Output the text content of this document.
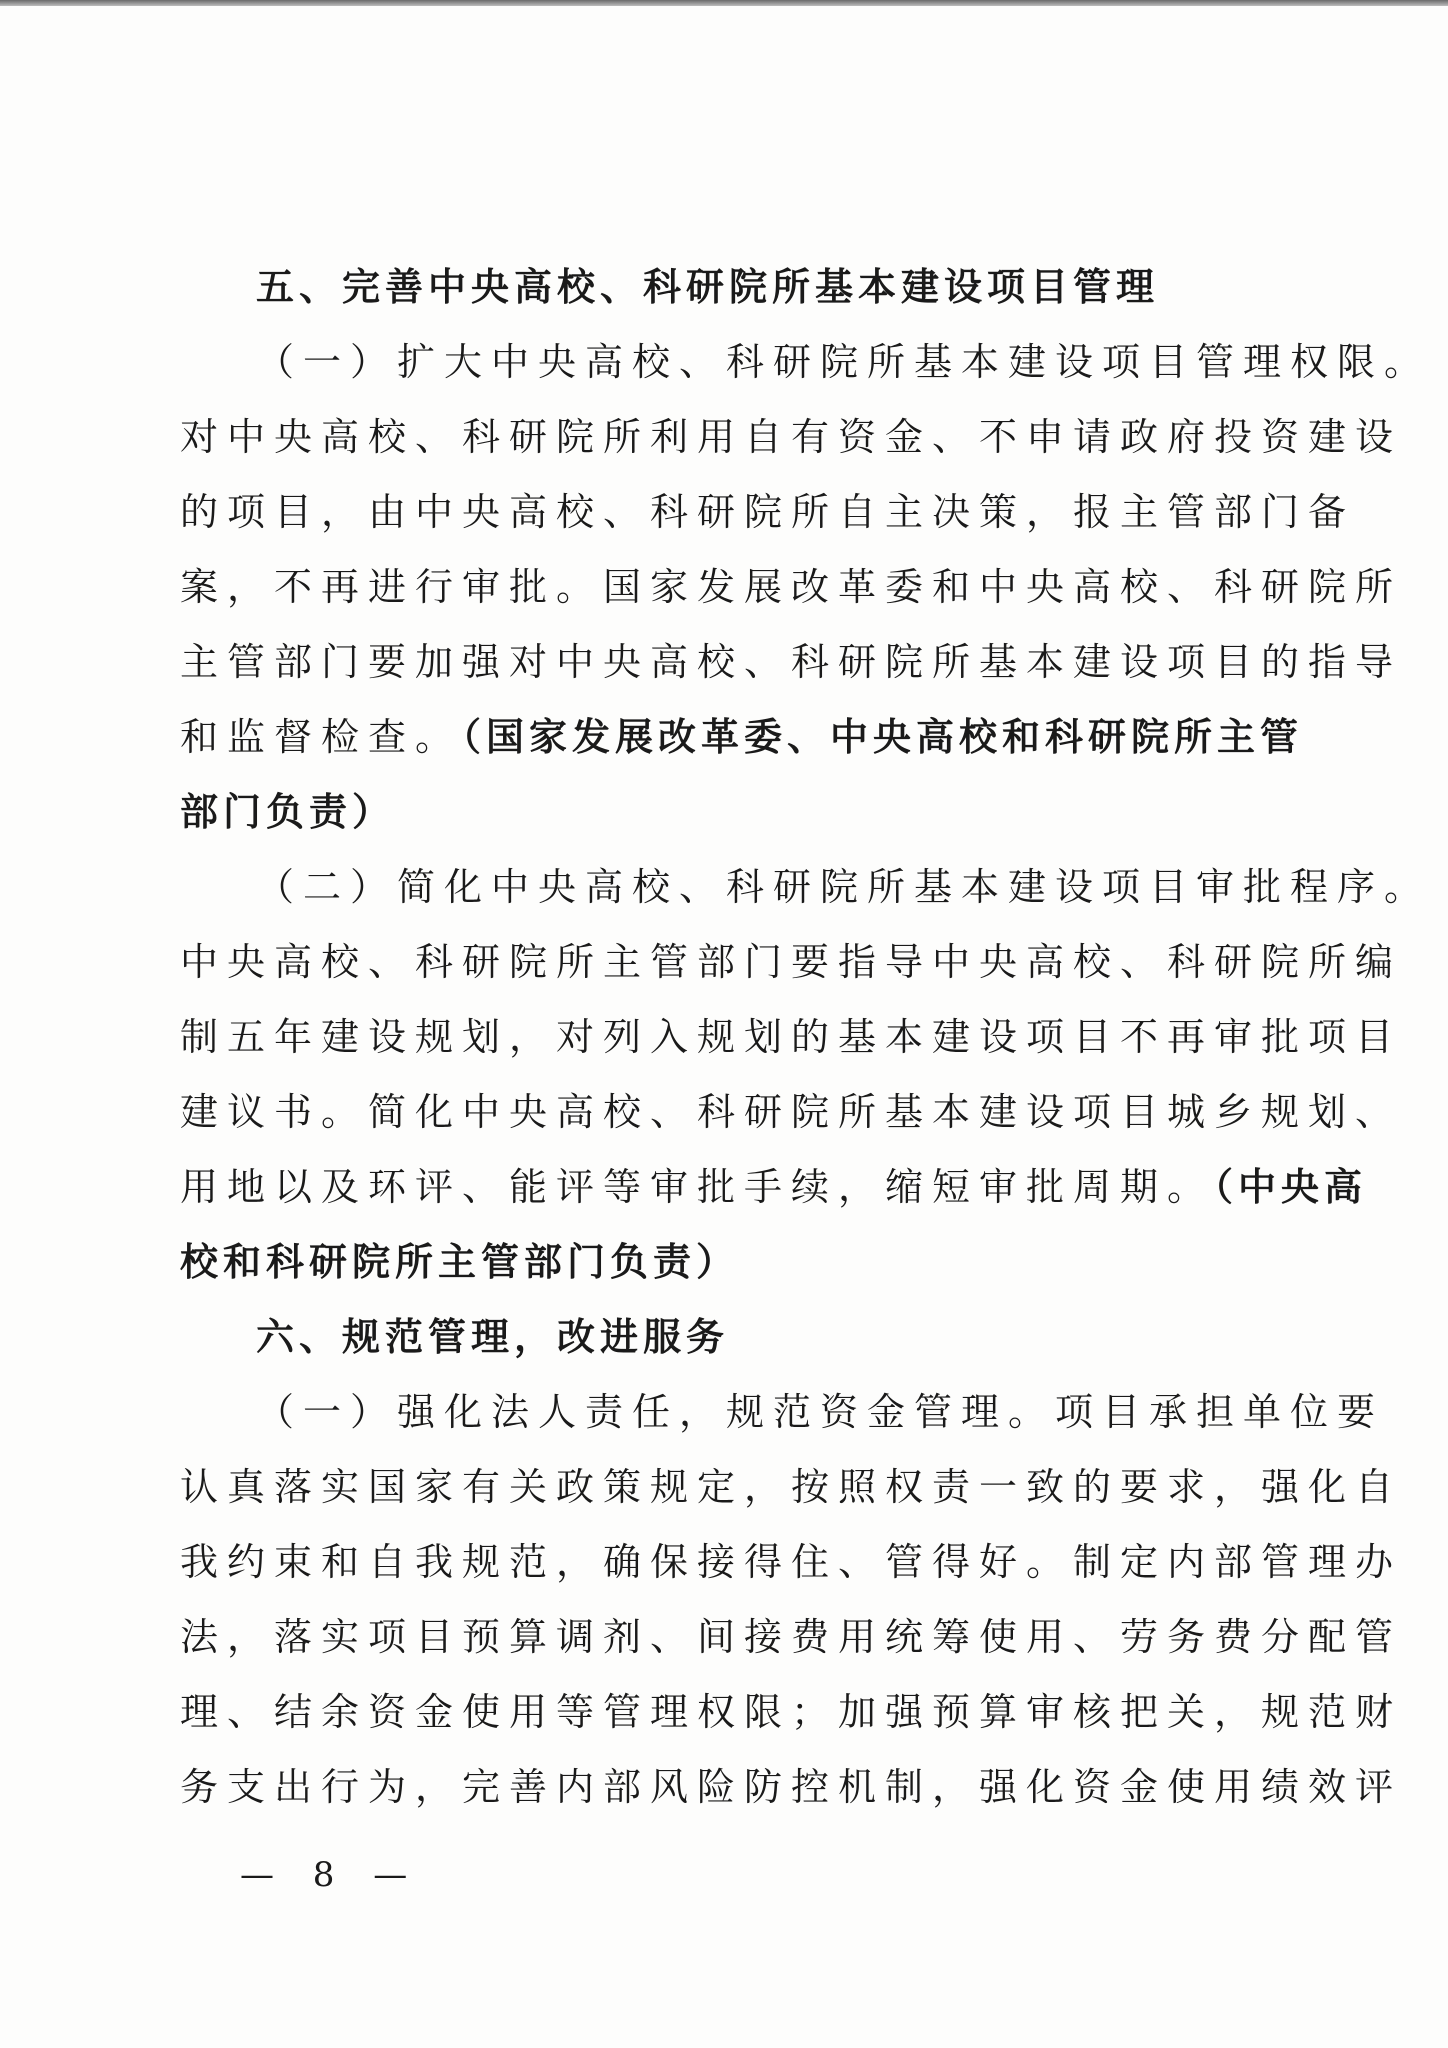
五、完善中央高校、科研院所基本建设项目管理
（一）扩大中央高校、科研院所基本建设项目管理权限。
对中央高校、科研院所利用自有资金、不申请政府投资建设
的项目，由中央高校、科研院所自主决策，报主管部门备
案，不再进行审批。国家发展改革委和中央高校、科研院所
主管部门要加强对中央高校、科研院所基本建设项目的指导
和监督检查。（国家发展改革委、中央高校和科研院所主管
部门负责）
（二）简化中央高校、科研院所基本建设项目审批程序。
中央高校、科研院所主管部门要指导中央高校、科研院所编
制五年建设规划，对列入规划的基本建设项目不再审批项目
建议书。简化中央高校、科研院所基本建设项目城乡规划、
用地以及环评、能评等审批手续，缩短审批周期。（中央高
校和科研院所主管部门负责）
六、规范管理，改进服务
（一）强化法人责任，规范资金管理。项目承担单位要
认真落实国家有关政策规定，按照权责一致的要求，强化自
我约束和自我规范，确保接得住、管得好。制定内部管理办
法，落实项目预算调剂、间接费用统筹使用、劳务费分配管
理、结余资金使用等管理权限；加强预算审核把关，规范财
务支出行为，完善内部风险防控机制，强化资金使用绩效评
— 8 —
